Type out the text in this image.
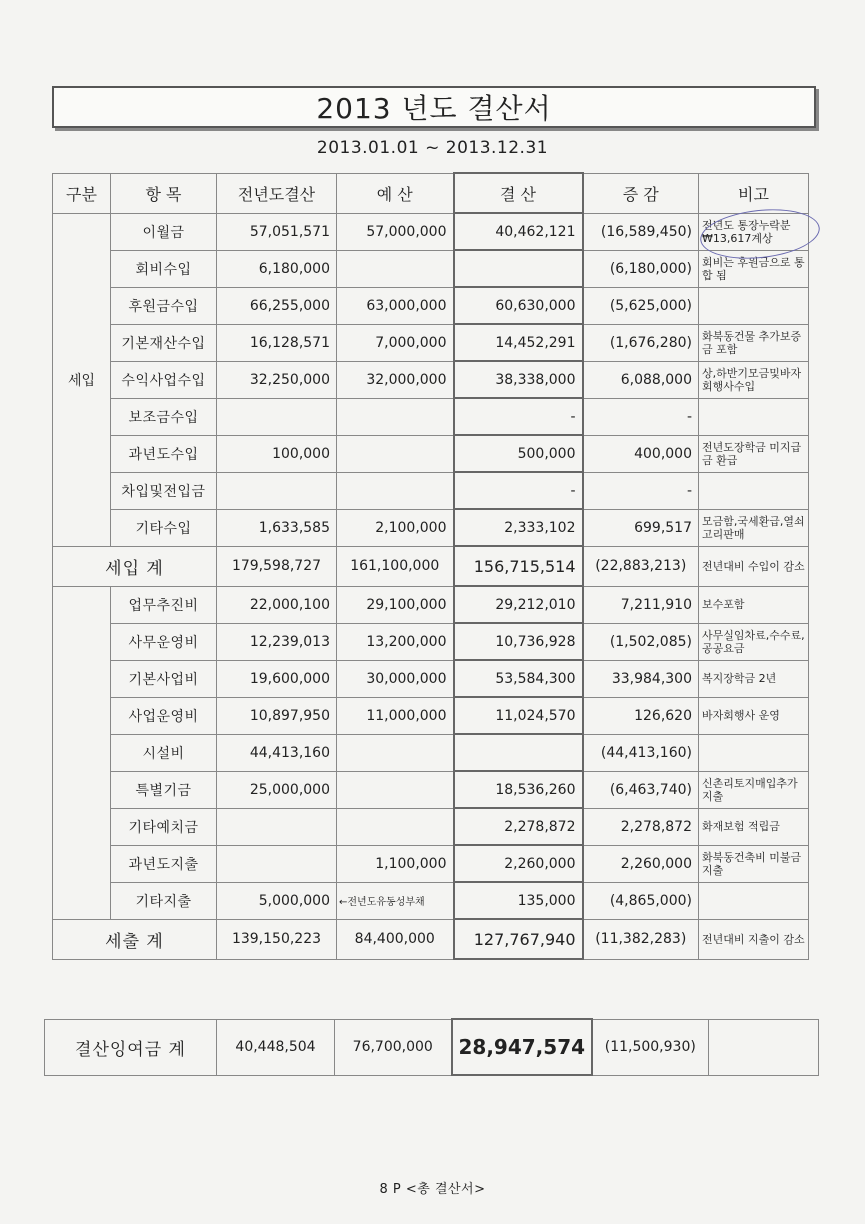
2013 년도 결산서
2013.01.01 ~ 2013.12.31
구분	항 목	전년도결산	예 산	결 산	증 감	비고
세입	이월금	57,051,571	57,000,000	40,462,121	(16,589,450)	전년도 통장누락분 ₩13,617계상
	회비수입	6,180,000			(6,180,000)	회비는 후원금으로 통합 됨
	후원금수입	66,255,000	63,000,000	60,630,000	(5,625,000)	
	기본재산수입	16,128,571	7,000,000	14,452,291	(1,676,280)	화북동건물 추가보증금 포함
	수익사업수입	32,250,000	32,000,000	38,338,000	6,088,000	상,하반기모금및바자회행사수입
	보조금수입			-	-	
	과년도수입	100,000		500,000	400,000	전년도장학금 미지급금 환급
	차입및전입금			-	-	
	기타수입	1,633,585	2,100,000	2,333,102	699,517	모금함,국세환급,열쇠고리판매
세입 계		179,598,727	161,100,000	156,715,514	(22,883,213)	전년대비 수입이 감소
	업무추진비	22,000,100	29,100,000	29,212,010	7,211,910	보수포함
	사무운영비	12,239,013	13,200,000	10,736,928	(1,502,085)	사무실임차료,수수료,공공요금
	기본사업비	19,600,000	30,000,000	53,584,300	33,984,300	복지장학금 2년
	사업운영비	10,897,950	11,000,000	11,024,570	126,620	바자회행사 운영
	시설비	44,413,160			(44,413,160)	
	특별기금	25,000,000		18,536,260	(6,463,740)	신촌리토지매입추가 지출
	기타예치금			2,278,872	2,278,872	화재보험 적립금
	과년도지출		1,100,000	2,260,000	2,260,000	화북동건축비 미불금 지출
	기타지출	5,000,000	←전년도유동성부채	135,000	(4,865,000)	
세출 계		139,150,223	84,400,000	127,767,940	(11,382,283)	전년대비 지출이 감소
결산잉여금 계	40,448,504	76,700,000	28,947,574	(11,500,930)	
8 P <총 결산서>
